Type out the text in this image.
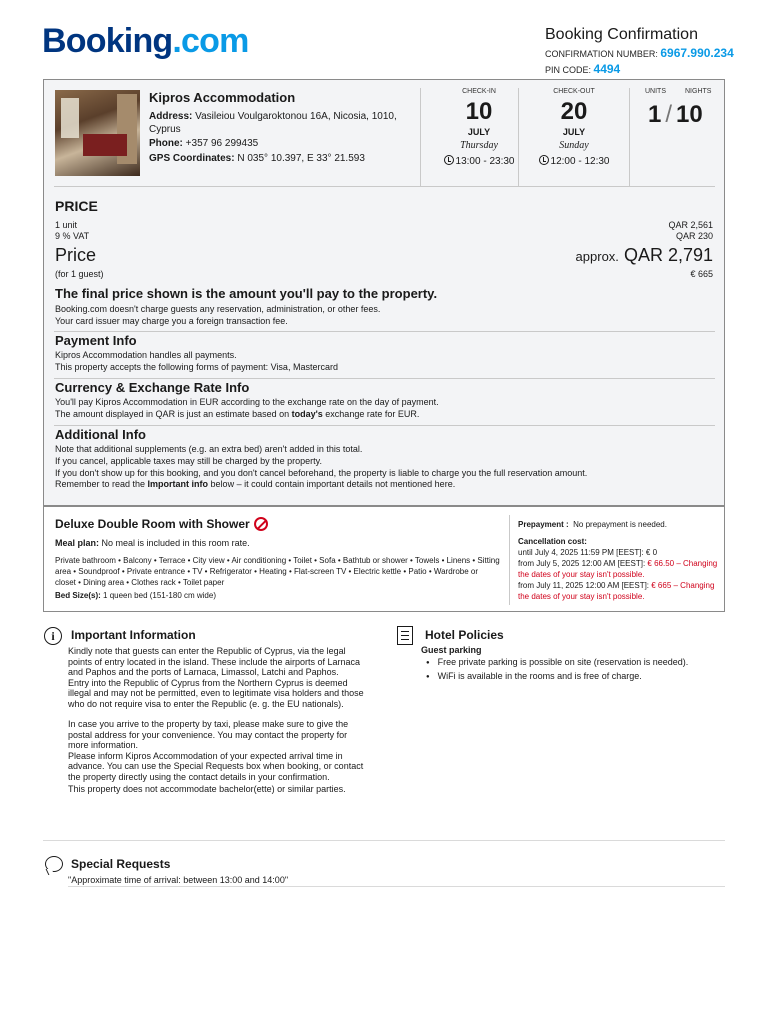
Booking.com	Booking Confirmation
CONFIRMATION NUMBER: 6967.990.234
PIN CODE: 4494
Kipros Accommodation
Address: Vasileiou Voulgaroktonou 16A, Nicosia, 1010, Cyprus
Phone: +357 96 299435
GPS Coordinates: N 035° 10.397, E 33° 21.593
CHECK-IN
10
JULY
Thursday
13:00 - 23:30
CHECK-OUT
20
JULY
Sunday
12:00 - 12:30
UNITS	NIGHTS
1 / 10
PRICE
1 unit	QAR 2,561
9 % VAT	QAR 230
Price	approx. QAR 2,791
(for 1 guest)	€ 665
The final price shown is the amount you'll pay to the property.
Booking.com doesn't charge guests any reservation, administration, or other fees.
Your card issuer may charge you a foreign transaction fee.
Payment Info
Kipros Accommodation handles all payments.
This property accepts the following forms of payment: Visa, Mastercard
Currency & Exchange Rate Info
You'll pay Kipros Accommodation in EUR according to the exchange rate on the day of payment.
The amount displayed in QAR is just an estimate based on today's exchange rate for EUR.
Additional Info
Note that additional supplements (e.g. an extra bed) aren't added in this total.
If you cancel, applicable taxes may still be charged by the property.
If you don't show up for this booking, and you don't cancel beforehand, the property is liable to charge you the full reservation amount.
Remember to read the Important info below – it could contain important details not mentioned here.
Deluxe Double Room with Shower
Meal plan: No meal is included in this room rate.
Private bathroom • Balcony • Terrace • City view • Air conditioning • Toilet • Sofa • Bathtub or shower • Towels • Linens • Sitting area • Soundproof • Private entrance • TV • Refrigerator • Heating • Flat-screen TV • Electric kettle • Patio • Wardrobe or closet • Dining area • Clothes rack • Toilet paper
Bed Size(s): 1 queen bed (151-180 cm wide)
Prepayment : No prepayment is needed.
Cancellation cost:
until July 4, 2025 11:59 PM [EEST]: € 0
from July 5, 2025 12:00 AM [EEST]: € 66.50 – Changing the dates of your stay isn't possible.
from July 11, 2025 12:00 AM [EEST]: € 665 – Changing the dates of your stay isn't possible.
i	Important Information
Kindly note that guests can enter the Republic of Cyprus, via the legal points of entry located in the island. These include the airports of Larnaca and Paphos and the ports of Larnaca, Limassol, Latchi and Paphos.
Entry into the Republic of Cyprus from the Northern Cyprus is deemed illegal and may not be permitted, even to legitimate visa holders and those who do not require visa to enter the Republic (e. g. the EU nationals).
In case you arrive to the property by taxi, please make sure to give the postal address for your convenience. You may contact the property for more information.
Please inform Kipros Accommodation of your expected arrival time in advance. You can use the Special Requests box when booking, or contact the property directly using the contact details in your confirmation.
This property does not accommodate bachelor(ette) or similar parties.
Hotel Policies
Guest parking
● Free private parking is possible on site (reservation is needed).
● WiFi is available in the rooms and is free of charge.
Special Requests
"Approximate time of arrival: between 13:00 and 14:00"
